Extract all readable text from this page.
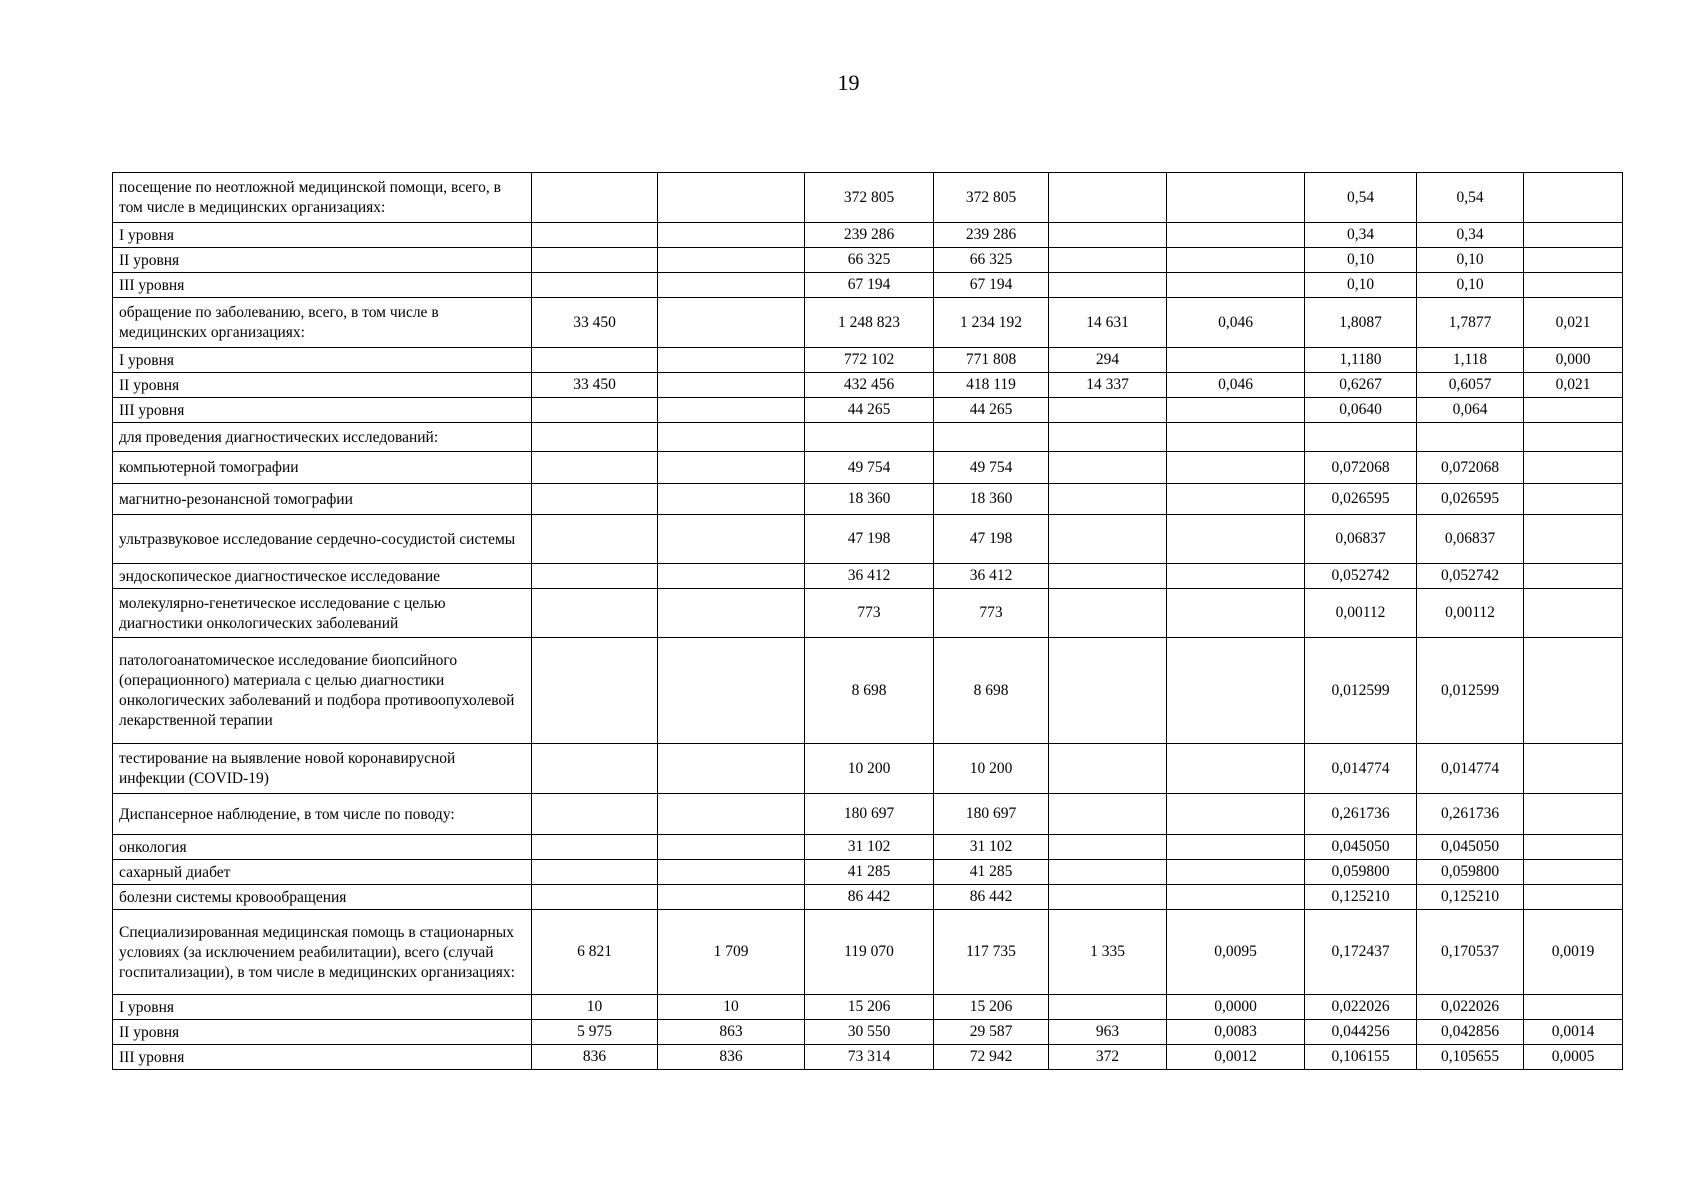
19
посещение по неотложной медицинской помощи, всего, в том числе в медицинских организациях:			372 805	372 805			0,54	0,54	
I уровня			239 286	239 286			0,34	0,34	
II уровня			66 325	66 325			0,10	0,10	
III уровня			67 194	67 194			0,10	0,10	
обращение по заболеванию, всего, в том числе в медицинских организациях:	33 450		1 248 823	1 234 192	14 631	0,046	1,8087	1,7877	0,021
I уровня			772 102	771 808	294		1,1180	1,118	0,000
II уровня	33 450		432 456	418 119	14 337	0,046	0,6267	0,6057	0,021
III уровня			44 265	44 265			0,0640	0,064	
для проведения диагностических исследований:									
компьютерной томографии			49 754	49 754			0,072068	0,072068	
магнитно-резонансной томографии			18 360	18 360			0,026595	0,026595	
ультразвуковое исследование сердечно-сосудистой системы			47 198	47 198			0,06837	0,06837	
эндоскопическое диагностическое исследование			36 412	36 412			0,052742	0,052742	
молекулярно-генетическое исследование с целью диагностики онкологических заболеваний			773	773			0,00112	0,00112	
патологоанатомическое исследование биопсийного (операционного) материала с целью диагностики онкологических заболеваний и подбора противоопухолевой лекарственной терапии			8 698	8 698			0,012599	0,012599	
тестирование на выявление новой коронавирусной инфекции (COVID-19)			10 200	10 200			0,014774	0,014774	
Диспансерное наблюдение, в том числе по поводу:			180 697	180 697			0,261736	0,261736	
онкология			31 102	31 102			0,045050	0,045050	
сахарный диабет			41 285	41 285			0,059800	0,059800	
болезни системы кровообращения			86 442	86 442			0,125210	0,125210	
Специализированная медицинская помощь в стационарных условиях (за исключением реабилитации), всего (случай госпитализации), в том числе в медицинских организациях:	6 821	1 709	119 070	117 735	1 335	0,0095	0,172437	0,170537	0,0019
I уровня	10	10	15 206	15 206		0,0000	0,022026	0,022026	
II уровня	5 975	863	30 550	29 587	963	0,0083	0,044256	0,042856	0,0014
III уровня	836	836	73 314	72 942	372	0,0012	0,106155	0,105655	0,0005
